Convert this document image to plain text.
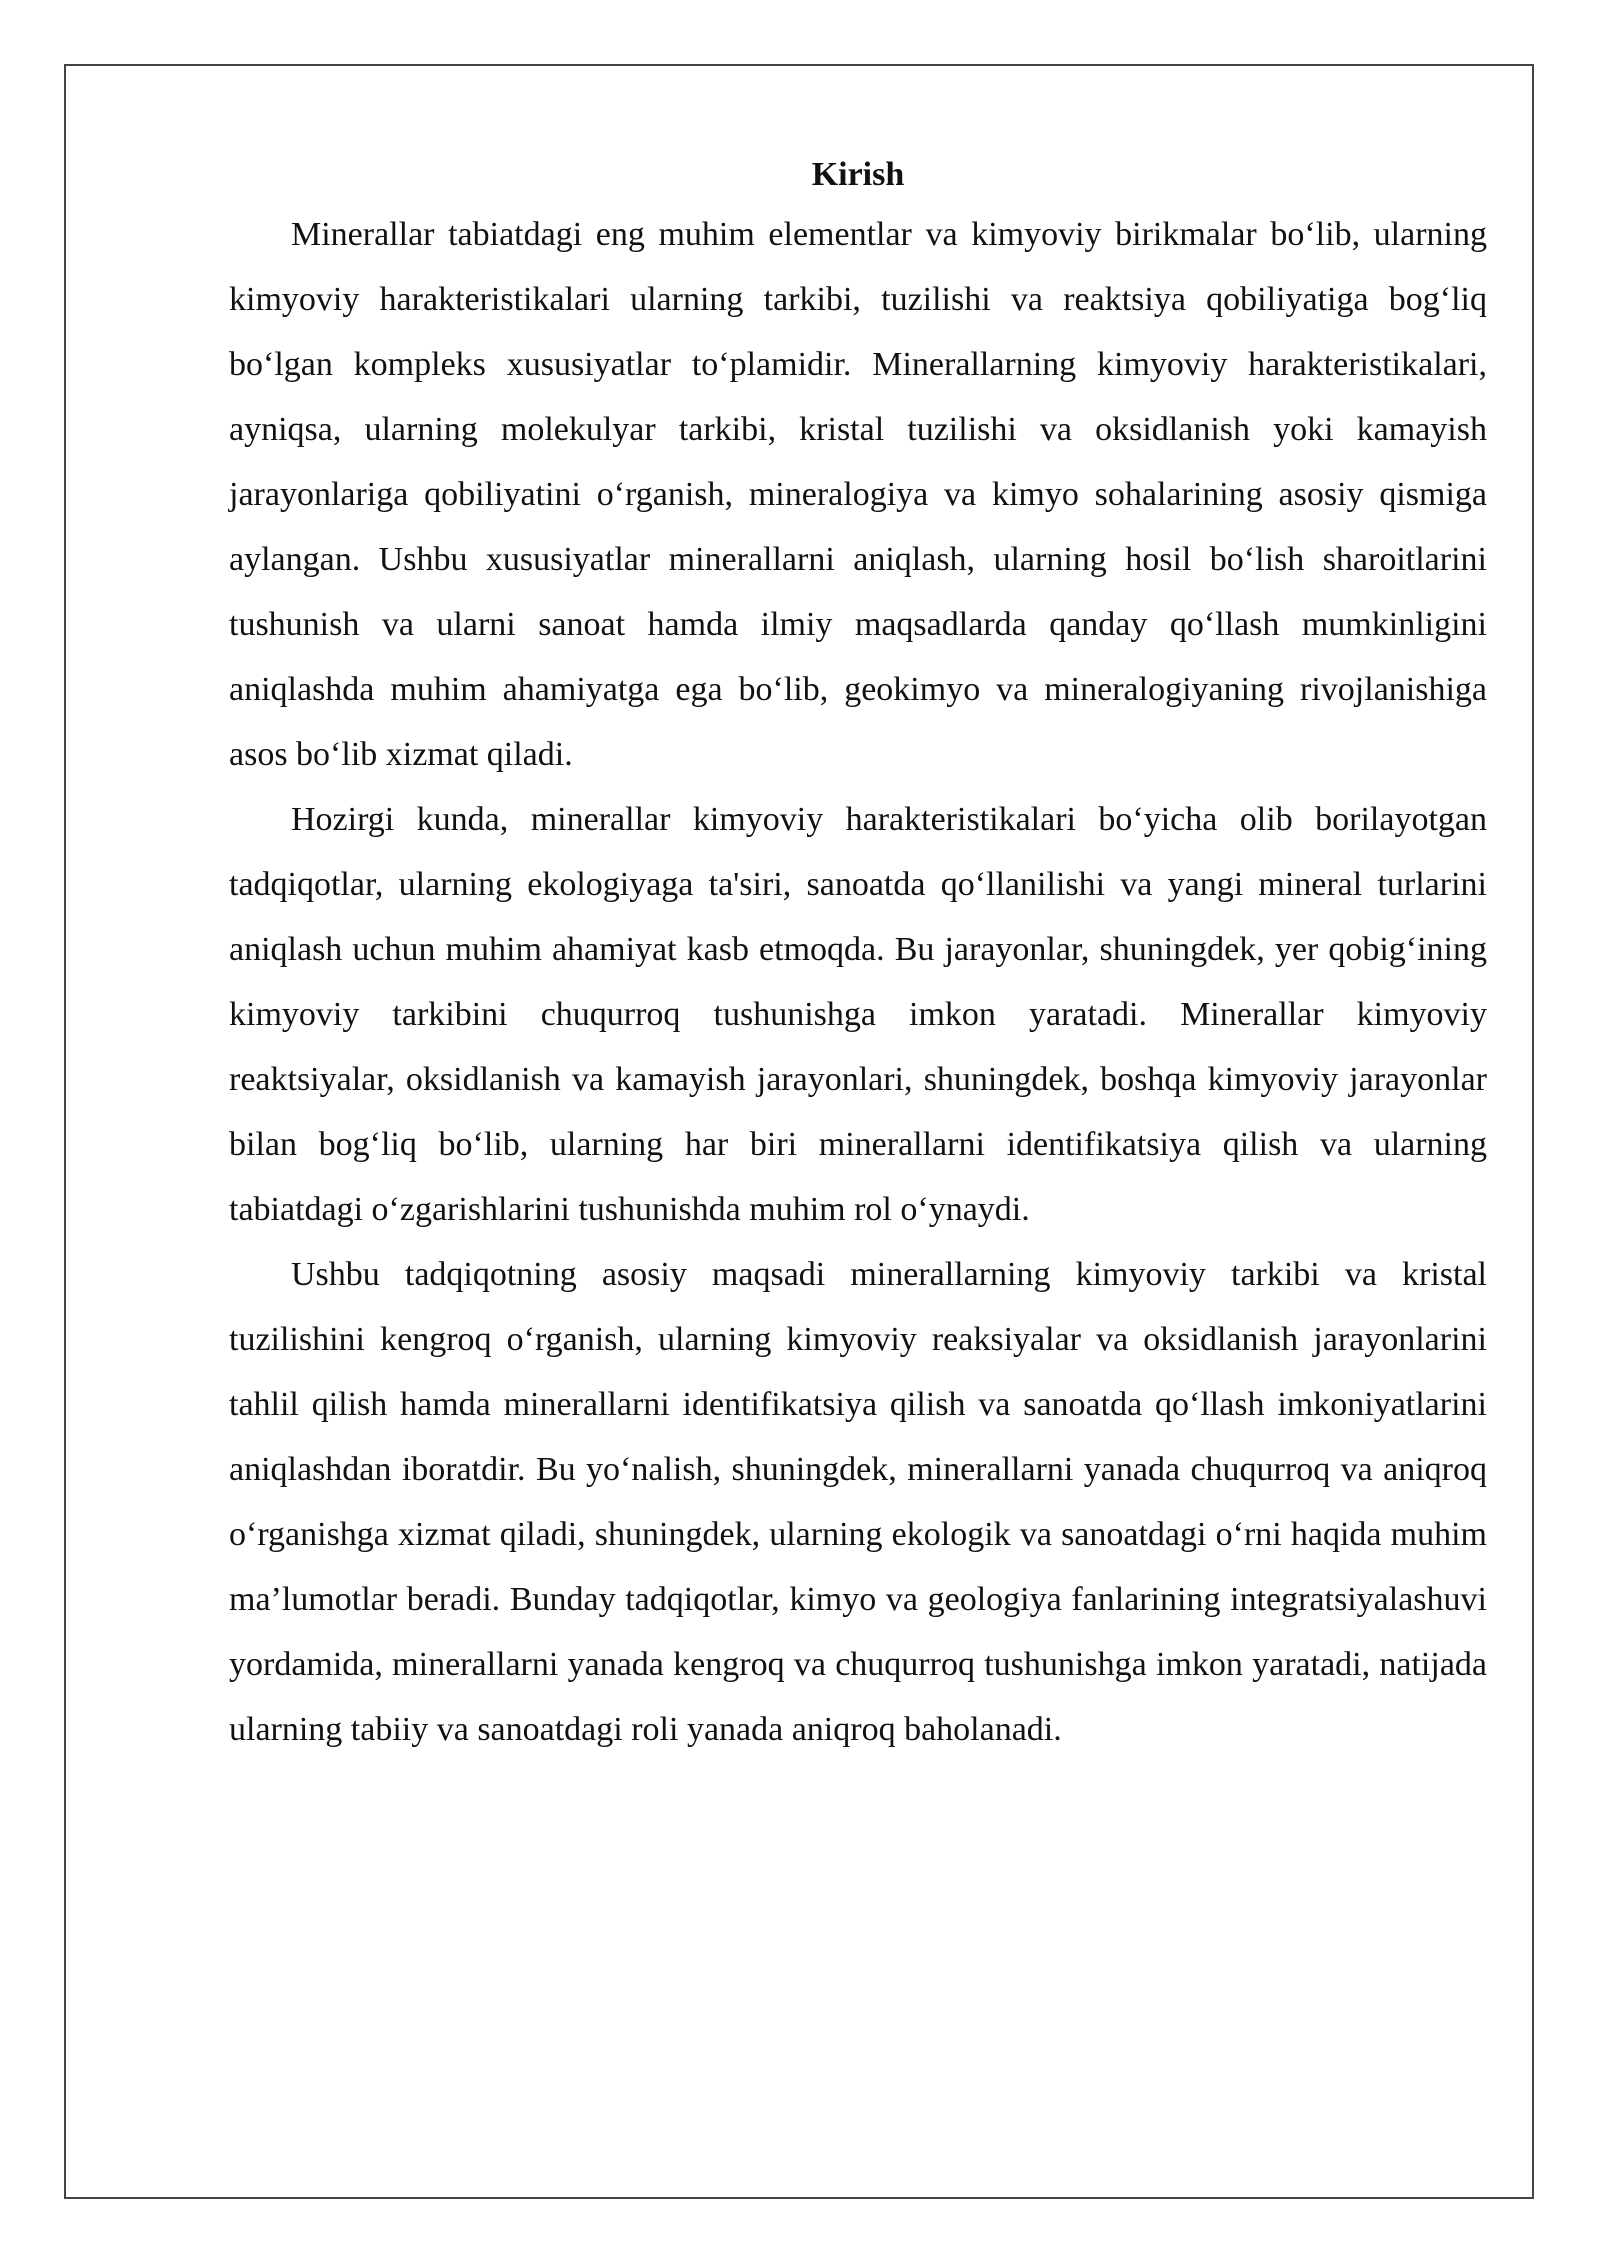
Kirish

Minerallar tabiatdagi eng muhim elementlar va kimyoviy birikmalar bo‘lib, ularning kimyoviy harakteristikalari ularning tarkibi, tuzilishi va reaktsiya qobiliyatiga bog‘liq bo‘lgan kompleks xususiyatlar to‘plamidir. Minerallarning kimyoviy harakteristikalari, ayniqsa, ularning molekulyar tarkibi, kristal tuzilishi va oksidlanish yoki kamayish jarayonlariga qobiliyatini o‘rganish, mineralogiya va kimyo sohalarining asosiy qismiga aylangan. Ushbu xususiyatlar minerallarni aniqlash, ularning hosil bo‘lish sharoitlarini tushunish va ularni sanoat hamda ilmiy maqsadlarda qanday qo‘llash mumkinligini aniqlashda muhim ahamiyatga ega bo‘lib, geokimyo va mineralogiyaning rivojlanishiga asos bo‘lib xizmat qiladi.

Hozirgi kunda, minerallar kimyoviy harakteristikalari bo‘yicha olib borilayotgan tadqiqotlar, ularning ekologiyaga ta'siri, sanoatda qo‘llanilishi va yangi mineral turlarini aniqlash uchun muhim ahamiyat kasb etmoqda. Bu jarayonlar, shuningdek, yer qobig‘ining kimyoviy tarkibini chuqurroq tushunishga imkon yaratadi. Minerallar kimyoviy reaktsiyalar, oksidlanish va kamayish jarayonlari, shuningdek, boshqa kimyoviy jarayonlar bilan bog‘liq bo‘lib, ularning har biri minerallarni identifikatsiya qilish va ularning tabiatdagi o‘zgarishlarini tushunishda muhim rol o‘ynaydi.

Ushbu tadqiqotning asosiy maqsadi minerallarning kimyoviy tarkibi va kristal tuzilishini kengroq o‘rganish, ularning kimyoviy reaksiyalar va oksidlanish jarayonlarini tahlil qilish hamda minerallarni identifikatsiya qilish va sanoatda qo‘llash imkoniyatlarini aniqlashdan iboratdir. Bu yo‘nalish, shuningdek, minerallarni yanada chuqurroq va aniqroq o‘rganishga xizmat qiladi, shuningdek, ularning ekologik va sanoatdagi o‘rni haqida muhim ma’lumotlar beradi. Bunday tadqiqotlar, kimyo va geologiya fanlarining integratsiyalashuvi yordamida, minerallarni yanada kengroq va chuqurroq tushunishga imkon yaratadi, natijada ularning tabiiy va sanoatdagi roli yanada aniqroq baholanadi.
